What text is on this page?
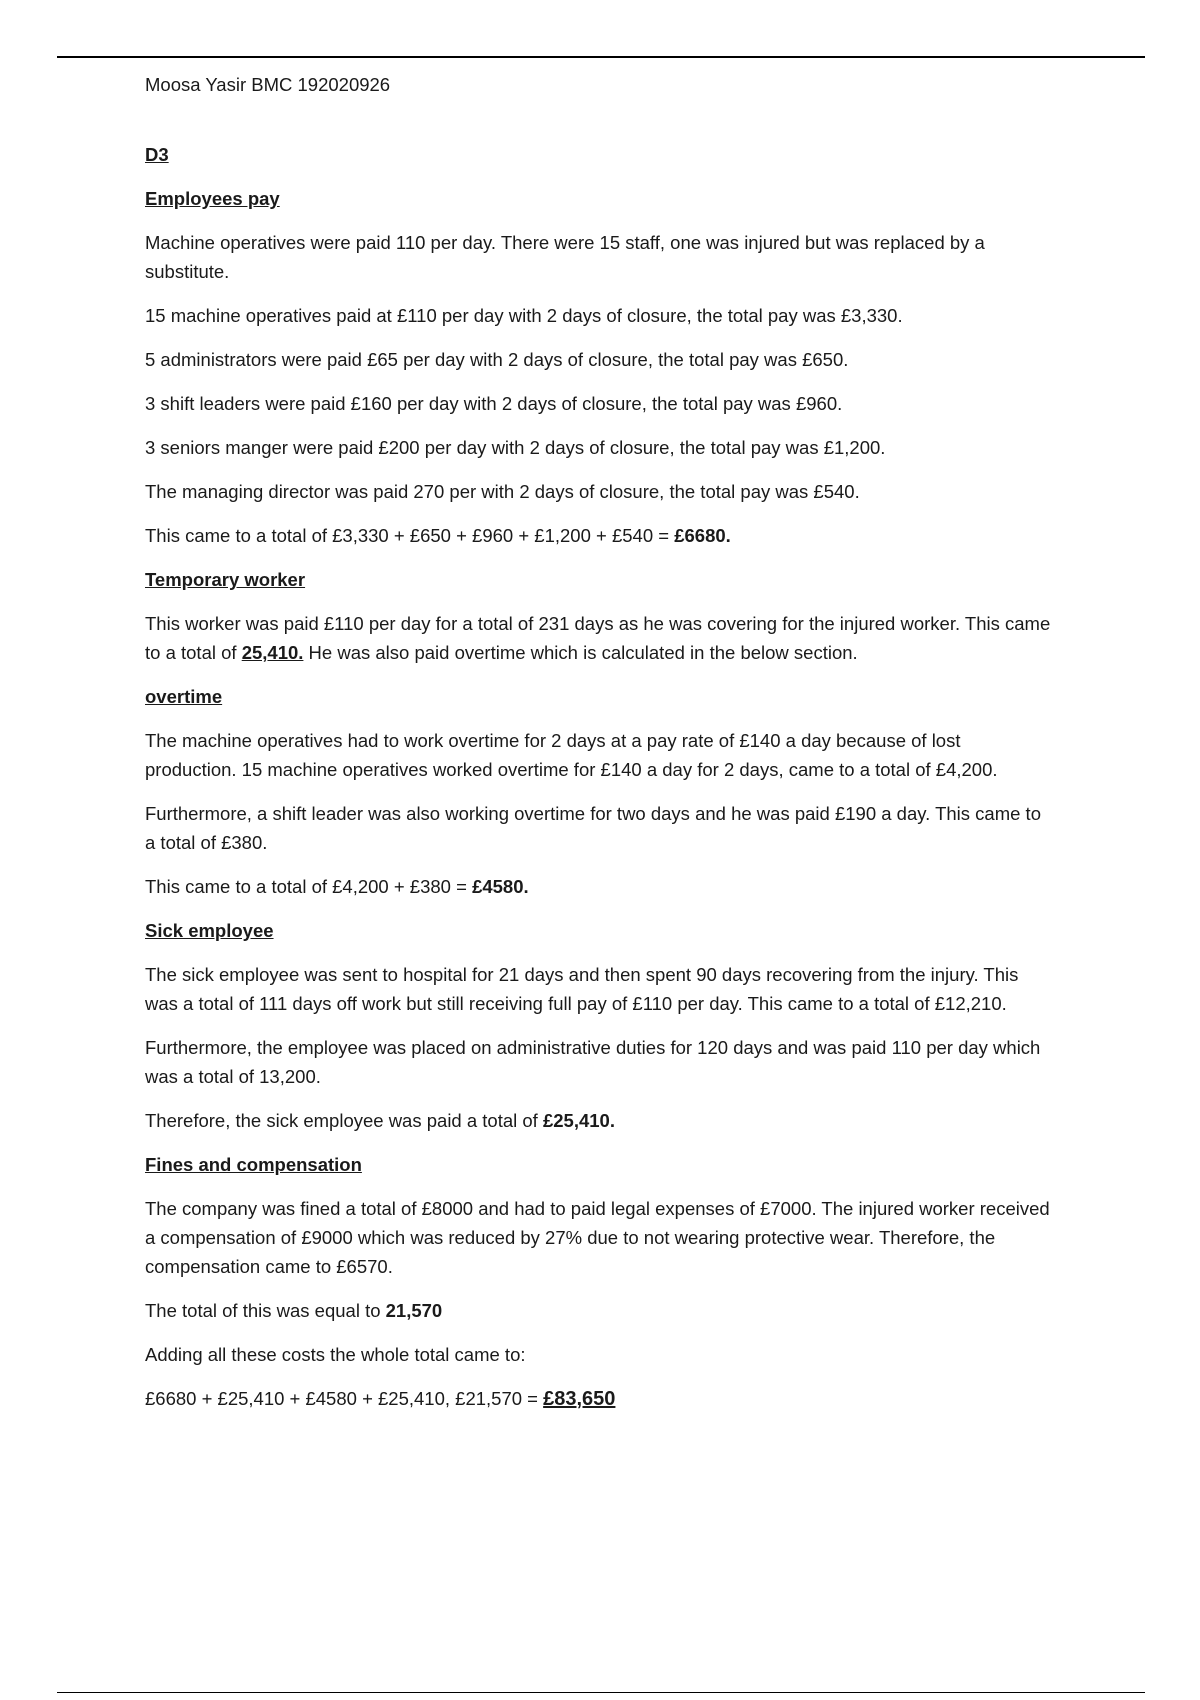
Moosa Yasir BMC 192020926

D3
Employees pay

Machine operatives were paid 110 per day. There were 15 staff, one was injured but was replaced by a substitute.

15 machine operatives paid at £110 per day with 2 days of closure, the total pay was £3,330.

5 administrators were paid £65 per day with 2 days of closure, the total pay was £650.

3 shift leaders were paid £160 per day with 2 days of closure, the total pay was £960.

3 seniors manger were paid £200 per day with 2 days of closure, the total pay was £1,200.

The managing director was paid 270 per with 2 days of closure, the total pay was £540.

This came to a total of £3,330 + £650 + £960 + £1,200 + £540 = £6680.

Temporary worker

This worker was paid £110 per day for a total of 231 days as he was covering for the injured worker. This came to a total of 25,410. He was also paid overtime which is calculated in the below section.

overtime

The machine operatives had to work overtime for 2 days at a pay rate of £140 a day because of lost production. 15 machine operatives worked overtime for £140 a day for 2 days, came to a total of £4,200.

Furthermore, a shift leader was also working overtime for two days and he was paid £190 a day. This came to a total of £380.

This came to a total of £4,200 + £380 = £4580.

Sick employee

The sick employee was sent to hospital for 21 days and then spent 90 days recovering from the injury. This was a total of 111 days off work but still receiving full pay of £110 per day. This came to a total of £12,210.

Furthermore, the employee was placed on administrative duties for 120 days and was paid 110 per day which was a total of 13,200.

Therefore, the sick employee was paid a total of £25,410.

Fines and compensation

The company was fined a total of £8000 and had to paid legal expenses of £7000. The injured worker received a compensation of £9000 which was reduced by 27% due to not wearing protective wear. Therefore, the compensation came to £6570.

The total of this was equal to 21,570

Adding all these costs the whole total came to:

£6680 + £25,410 + £4580 + £25,410, £21,570 = £83,650
